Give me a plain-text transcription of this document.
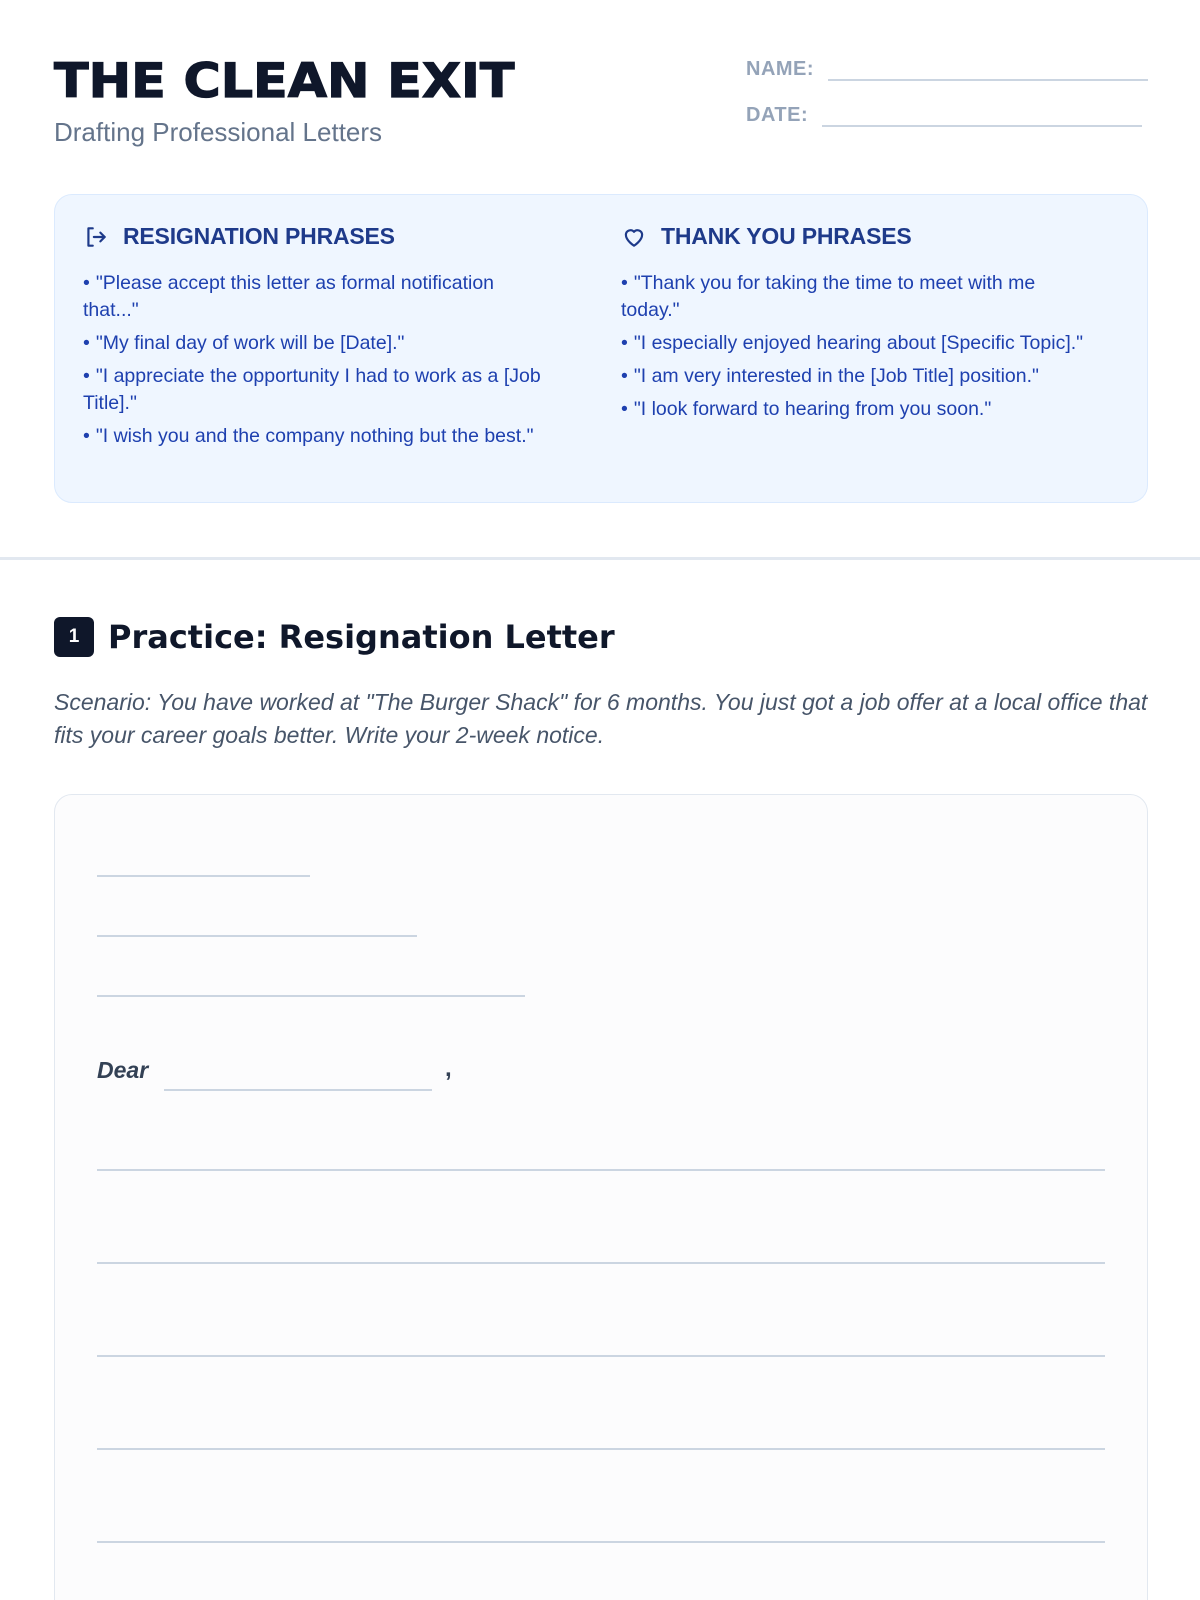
THE CLEAN EXIT
Drafting Professional Letters
NAME:
DATE:
RESIGNATION PHRASES
• "Please accept this letter as formal notification that..."
• "My final day of work will be [Date]."
• "I appreciate the opportunity I had to work as a [Job Title]."
• "I wish you and the company nothing but the best."
THANK YOU PHRASES
• "Thank you for taking the time to meet with me today."
• "I especially enjoyed hearing about [Specific Topic]."
• "I am very interested in the [Job Title] position."
• "I look forward to hearing from you soon."
1 Practice: Resignation Letter
Scenario: You have worked at "The Burger Shack" for 6 months. You just got a job offer at a local office that fits your career goals better. Write your 2-week notice.
Dear	,
